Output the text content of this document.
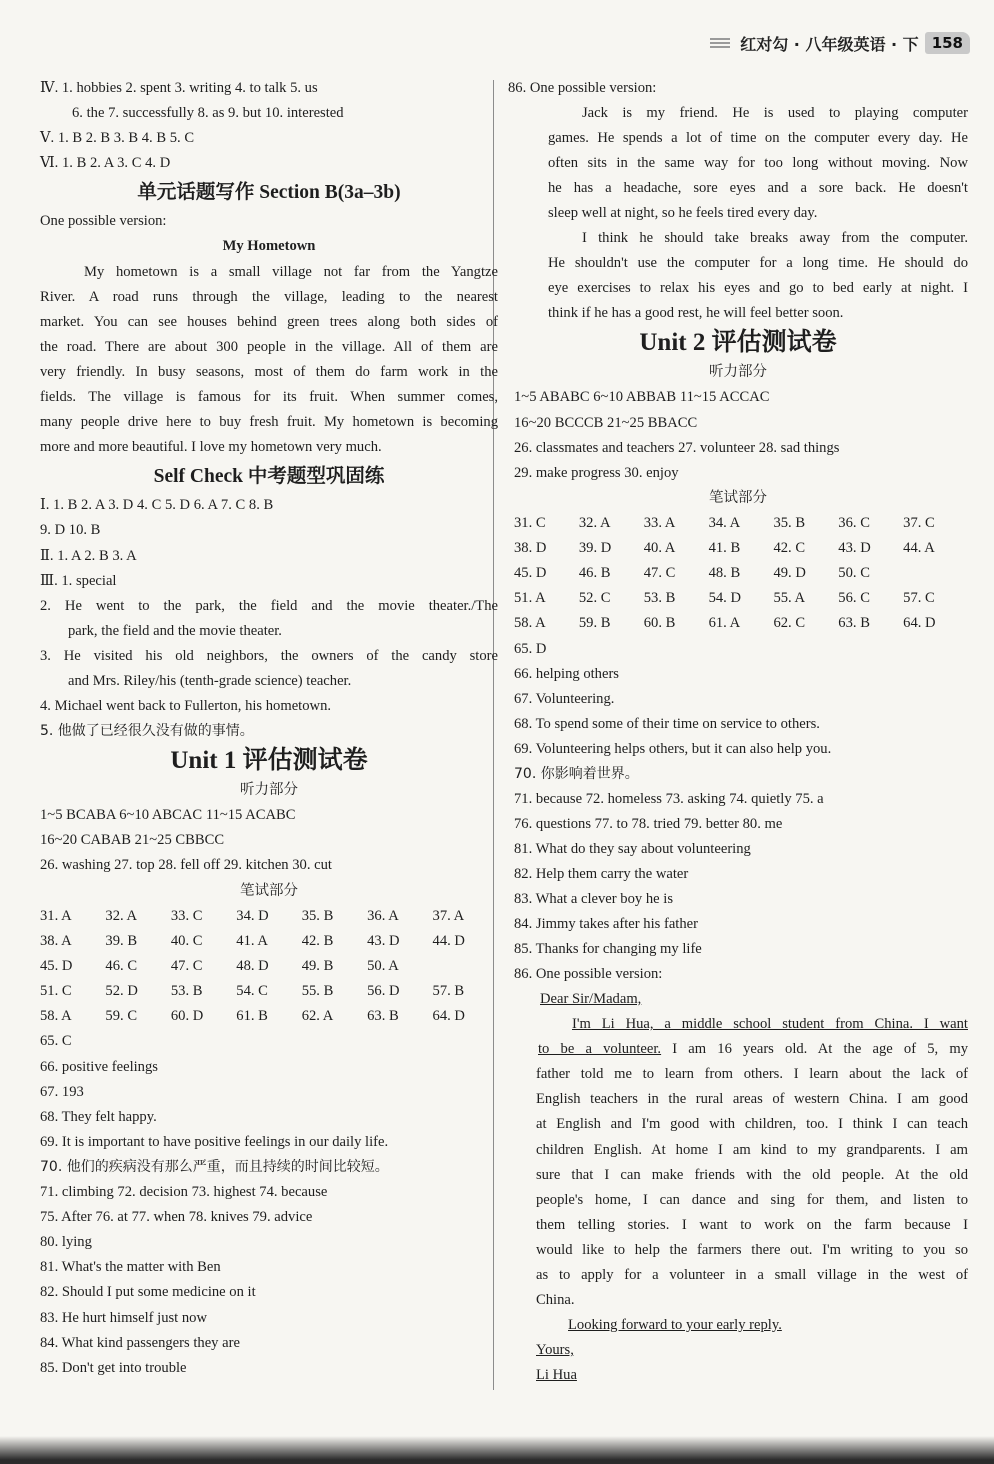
红对勾 · 八年级英语 · 下 158
Ⅳ. 1. hobbies 2. spent 3. writing 4. to talk 5. us
6. the 7. successfully 8. as 9. but 10. interested
Ⅴ. 1. B 2. B 3. B 4. B 5. C
Ⅵ. 1. B 2. A 3. C 4. D
单元话题写作 Section B(3a–3b)
One possible version:
My Hometown
My hometown is a small village not far from the Yangtze
River. A road runs through the village, leading to the nearest
market. You can see houses behind green trees along both sides of
the road. There are about 300 people in the village. All of them are
very friendly. In busy seasons, most of them do farm work in the
fields. The village is famous for its fruit. When summer comes,
many people drive here to buy fresh fruit. My hometown is becoming
more and more beautiful. I love my hometown very much.
Self Check 中考题型巩固练
Ⅰ. 1. B 2. A 3. D 4. C 5. D 6. A 7. C 8. B
9. D 10. B
Ⅱ. 1. A 2. B 3. A
Ⅲ. 1. special
2. He went to the park, the field and the movie theater./The
park, the field and the movie theater.
3. He visited his old neighbors, the owners of the candy store
and Mrs. Riley/his (tenth-grade science) teacher.
4. Michael went back to Fullerton, his hometown.
5. 他做了已经很久没有做的事情。
Unit 1 评估测试卷
听力部分
1~5 BCABA 6~10 ABCAC 11~15 ACABC
16~20 CABAB 21~25 CBBCC
26. washing 27. top 28. fell off 29. kitchen 30. cut
笔试部分
31. A	32. A	33. C	34. D	35. B	36. A	37. A
38. A	39. B	40. C	41. A	42. B	43. D	44. D
45. D	46. C	47. C	48. D	49. B	50. A
51. C	52. D	53. B	54. C	55. B	56. D	57. B
58. A	59. C	60. D	61. B	62. A	63. B	64. D
65. C
66. positive feelings
67. 193
68. They felt happy.
69. It is important to have positive feelings in our daily life.
70. 他们的疾病没有那么严重，而且持续的时间比较短。
71. climbing 72. decision 73. highest 74. because
75. After 76. at 77. when 78. knives 79. advice
80. lying
81. What's the matter with Ben
82. Should I put some medicine on it
83. He hurt himself just now
84. What kind passengers they are
85. Don't get into trouble
86. One possible version:
Jack is my friend. He is used to playing computer
games. He spends a lot of time on the computer every day. He
often sits in the same way for too long without moving. Now
he has a headache, sore eyes and a sore back. He doesn't
sleep well at night, so he feels tired every day.
I think he should take breaks away from the computer.
He shouldn't use the computer for a long time. He should do
eye exercises to relax his eyes and go to bed early at night. I
think if he has a good rest, he will feel better soon.
Unit 2 评估测试卷
听力部分
1~5 ABABC 6~10 ABBAB 11~15 ACCAC
16~20 BCCCB 21~25 BBACC
26. classmates and teachers 27. volunteer 28. sad things
29. make progress 30. enjoy
笔试部分
31. C	32. A	33. A	34. A	35. B	36. C	37. C
38. D	39. D	40. A	41. B	42. C	43. D	44. A
45. D	46. B	47. C	48. B	49. D	50. C
51. A	52. C	53. B	54. D	55. A	56. C	57. C
58. A	59. B	60. B	61. A	62. C	63. B	64. D
65. D
66. helping others
67. Volunteering.
68. To spend some of their time on service to others.
69. Volunteering helps others, but it can also help you.
70. 你影响着世界。
71. because 72. homeless 73. asking 74. quietly 75. a
76. questions 77. to 78. tried 79. better 80. me
81. What do they say about volunteering
82. Help them carry the water
83. What a clever boy he is
84. Jimmy takes after his father
85. Thanks for changing my life
86. One possible version:
Dear Sir/Madam,
I'm Li Hua, a middle school student from China. I want
to be a volunteer. I am 16 years old. At the age of 5, my
father told me to learn from others. I learn about the lack of
English teachers in the rural areas of western China. I am good
at English and I'm good with children, too. I think I can teach
children English. At home I am kind to my grandparents. I am
sure that I can make friends with the old people. At the old
people's home, I can dance and sing for them, and listen to
them telling stories. I want to work on the farm because I
would like to help the farmers there out. I'm writing to you so
as to apply for a volunteer in a small village in the west of
China.
Looking forward to your early reply.
Yours,
Li Hua
